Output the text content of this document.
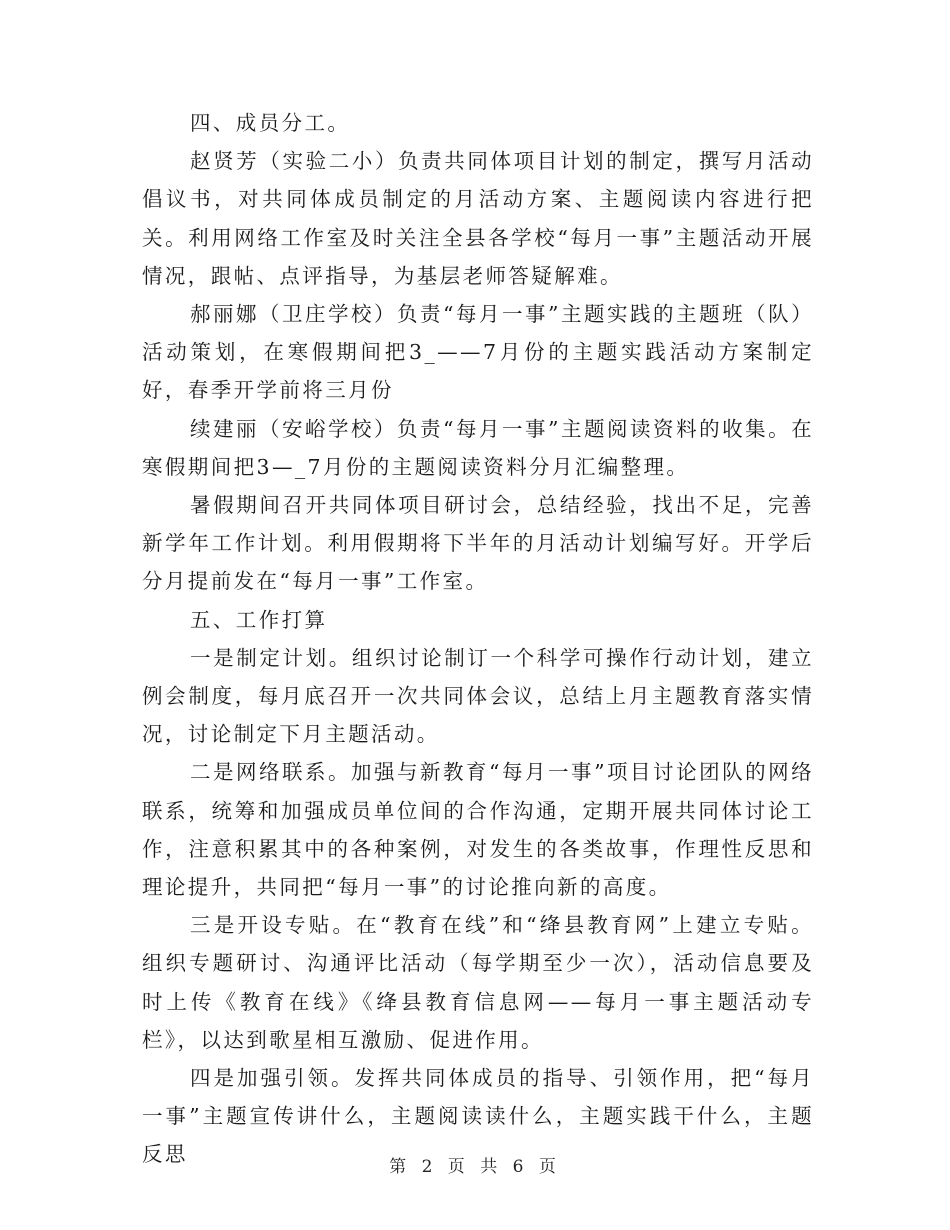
四、成员分工。

赵贤芳（实验二小）负责共同体项目计划的制定，撰写月活动倡议书，对共同体成员制定的月活动方案、主题阅读内容进行把关。利用网络工作室及时关注全县各学校“每月一事”主题活动开展情况，跟帖、点评指导，为基层老师答疑解难。

郝丽娜（卫庄学校）负责“每月一事”主题实践的主题班（队）活动策划，在寒假期间把3_——7月份的主题实践活动方案制定好，春季开学前将三月份

续建丽（安峪学校）负责“每月一事”主题阅读资料的收集。在寒假期间把3—_7月份的主题阅读资料分月汇编整理。

暑假期间召开共同体项目研讨会，总结经验，找出不足，完善新学年工作计划。利用假期将下半年的月活动计划编写好。开学后分月提前发在“每月一事”工作室。

五、工作打算

一是制定计划。组织讨论制订一个科学可操作行动计划，建立例会制度，每月底召开一次共同体会议，总结上月主题教育落实情况，讨论制定下月主题活动。

二是网络联系。加强与新教育“每月一事”项目讨论团队的网络联系，统筹和加强成员单位间的合作沟通，定期开展共同体讨论工作，注意积累其中的各种案例，对发生的各类故事，作理性反思和理论提升，共同把“每月一事”的讨论推向新的高度。

三是开设专贴。在“教育在线”和“绛县教育网”上建立专贴。组织专题研讨、沟通评比活动（每学期至少一次），活动信息要及时上传《教育在线》《绛县教育信息网——每月一事主题活动专栏》，以达到歌星相互激励、促进作用。

四是加强引领。发挥共同体成员的指导、引领作用，把“每月一事”主题宣传讲什么，主题阅读读什么，主题实践干什么，主题反思

第 2 页 共 6 页
